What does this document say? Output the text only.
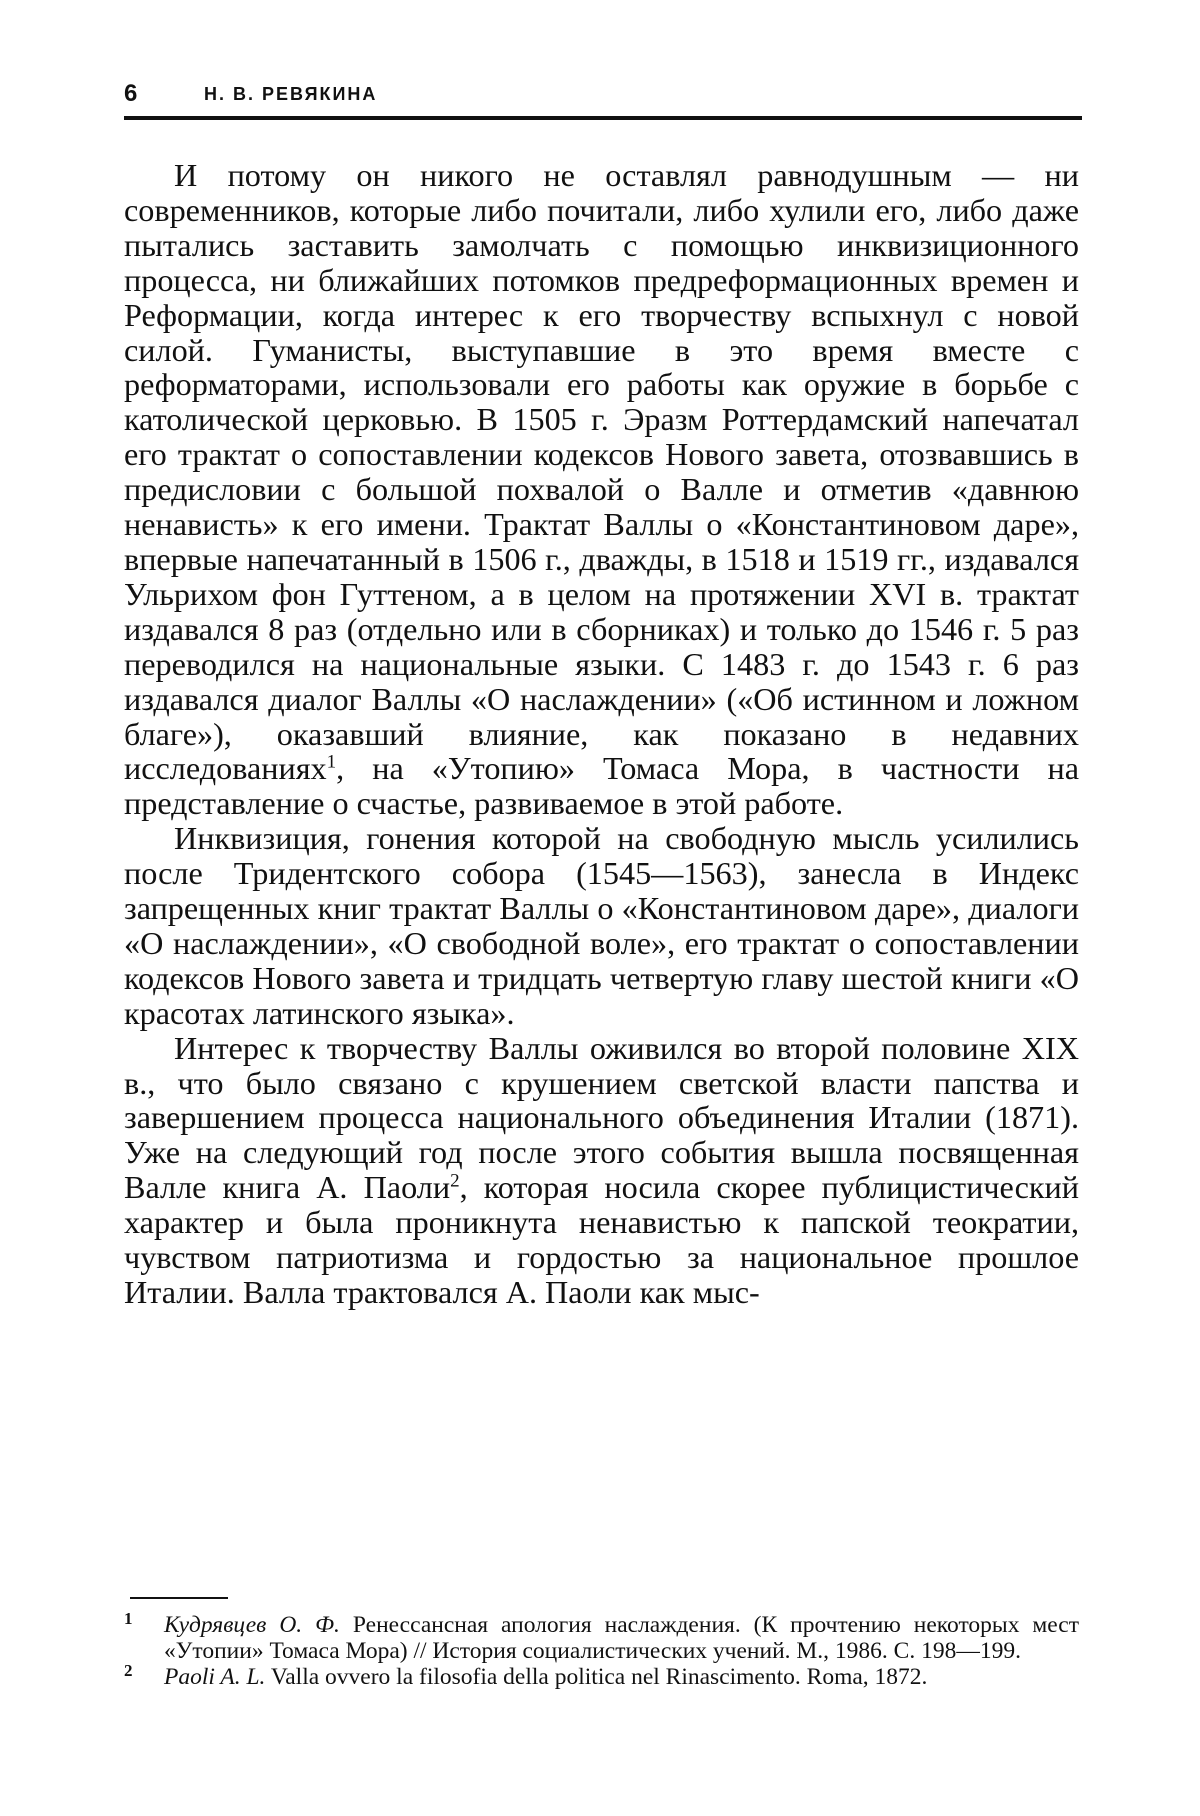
6	Н. В. РЕВЯКИНА

И потому он никого не оставлял равнодушным — ни современников, которые либо почитали, либо хулили его, либо даже пытались заставить замолчать с помощью инквизиционного процесса, ни ближайших потомков предреформационных времен и Реформации, когда интерес к его творчеству вспыхнул с новой силой. Гуманисты, выступавшие в это время вместе с реформаторами, использовали его работы как оружие в борьбе с католической церковью. В 1505 г. Эразм Роттердамский напечатал его трактат о сопоставлении кодексов Нового завета, отозвавшись в предисловии с большой похвалой о Валле и отметив «давнюю ненависть» к его имени. Трактат Валлы о «Константиновом даре», впервые напечатанный в 1506 г., дважды, в 1518 и 1519 гг., издавался Ульрихом фон Гуттеном, а в целом на протяжении XVI в. трактат издавался 8 раз (отдельно или в сборниках) и только до 1546 г. 5 раз переводился на национальные языки. С 1483 г. до 1543 г. 6 раз издавался диалог Валлы «О наслаждении» («Об истинном и ложном благе»), оказавший влияние, как показано в недавних исследованиях$^1$, на «Утопию» Томаса Мора, в частности на представление о счастье, развиваемое в этой работе.

Инквизиция, гонения которой на свободную мысль усилились после Тридентского собора (1545—1563), занесла в Индекс запрещенных книг трактат Валлы о «Константиновом даре», диалоги «О наслаждении», «О свободной воле», его трактат о сопоставлении кодексов Нового завета и тридцать четвертую главу шестой книги «О красотах латинского языка».

Интерес к творчеству Валлы оживился во второй половине XIX в., что было связано с крушением светской власти папства и завершением процесса национального объединения Италии (1871). Уже на следующий год после этого события вышла посвященная Валле книга А. Паоли$^2$, которая носила скорее публицистический характер и была проникнута ненавистью к папской теократии, чувством патриотизма и гордостью за национальное прошлое Италии. Валла трактовался А. Паоли как мыс-

1 Кудрявцев О. Ф. Ренессансная апология наслаждения. (К прочтению некоторых мест «Утопии» Томаса Мора) // История социалистических учений. М., 1986. С. 198—199.

2 Paoli A. L. Valla ovvero la filosofia della politica nel Rinascimento. Roma, 1872.
